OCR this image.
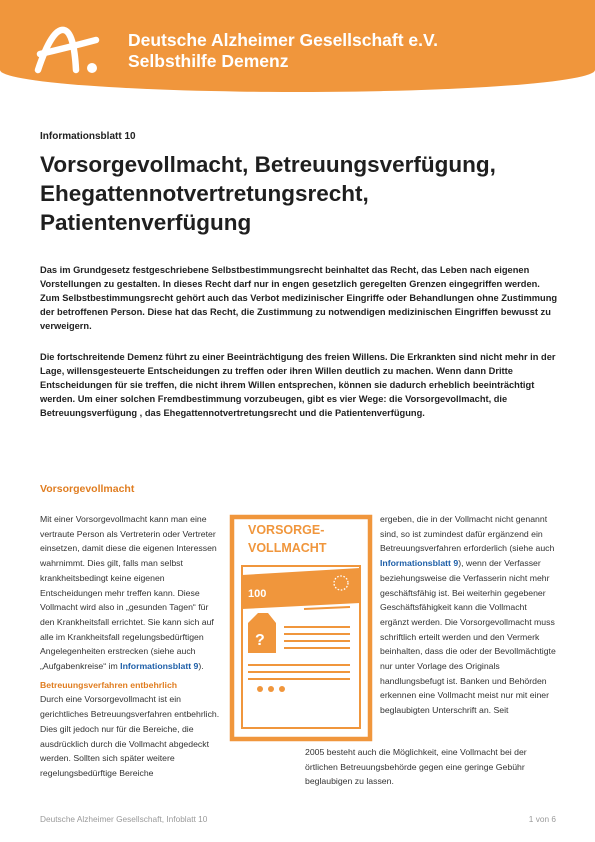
Deutsche Alzheimer Gesellschaft e.V.
Selbsthilfe Demenz
Informationsblatt 10
Vorsorgevollmacht, Betreuungsverfügung, Ehegattennotvertretungsrecht, Patientenverfügung

Das im Grundgesetz festgeschriebene Selbstbestimmungsrecht beinhaltet das Recht, das Leben nach eigenen Vorstellungen zu gestalten. In dieses Recht darf nur in engen gesetzlich geregelten Grenzen eingegriffen werden. Zum Selbstbestimmungsrecht gehört auch das Verbot medizinischer Eingriffe oder Behandlungen ohne Zustimmung der betroffenen Person. Diese hat das Recht, die Zustimmung zu notwendigen medizinischen Eingriffen bewusst zu verweigern.

Die fortschreitende Demenz führt zu einer Beeinträchtigung des freien Willens. Die Erkrankten sind nicht mehr in der Lage, willensgesteuerte Entscheidungen zu treffen oder ihren Willen deutlich zu machen. Wenn dann Dritte Entscheidungen für sie treffen, die nicht ihrem Willen entsprechen, können sie dadurch erheblich beeinträchtigt werden. Um einer solchen Fremdbestimmung vorzubeugen, gibt es vier Wege: die Vorsorgevollmacht, die Betreuungsverfügung , das Ehegattennotvertretungsrecht und die Patientenverfügung.

Vorsorgevollmacht

Mit einer Vorsorgevollmacht kann man eine vertraute Person als Vertreterin oder Vertreter einsetzen, damit diese die eigenen Interessen wahrnimmt. Dies gilt, falls man selbst krankheitsbedingt keine eigenen Entscheidungen mehr treffen kann. Diese Vollmacht wird also in „gesunden Tagen“ für den Krankheitsfall errichtet. Sie kann sich auf alle im Krankheitsfall regelungsbedürftigen Angelegenheiten erstrecken (siehe auch „Aufgabenkreise“ im Informationsblatt 9).

Betreuungsverfahren entbehrlich

Durch eine Vorsorgevollmacht ist ein gerichtliches Betreuungsverfahren entbehrlich. Dies gilt jedoch nur für die Bereiche, die ausdrücklich durch die Vollmacht abgedeckt werden. Sollten sich später weitere regelungsbedürftige Bereiche

100
?
VORSORGE-
VOLLMACHT

ergeben, die in der Vollmacht nicht genannt sind, so ist zumindest dafür ergänzend ein Betreuungsverfahren erforderlich (siehe auch Informationsblatt 9), wenn der Verfasser beziehungsweise die Verfasserin nicht mehr geschäftsfähig ist. Bei weiterhin gegebener Geschäftsfähigkeit kann die Vollmacht ergänzt werden. Die Vorsorgevollmacht muss schriftlich erteilt werden und den Vermerk beinhalten, dass die oder der Bevollmächtigte nur unter Vorlage des Originals handlungsbefugt ist. Banken und Behörden erkennen eine Vollmacht meist nur mit einer beglaubigten Unterschrift an. Seit

2005 besteht auch die Möglichkeit, eine Vollmacht bei der örtlichen Betreuungsbehörde gegen eine geringe Gebühr beglaubigen zu lassen.

Deutsche Alzheimer Gesellschaft, Infoblatt 10	1 von 6
